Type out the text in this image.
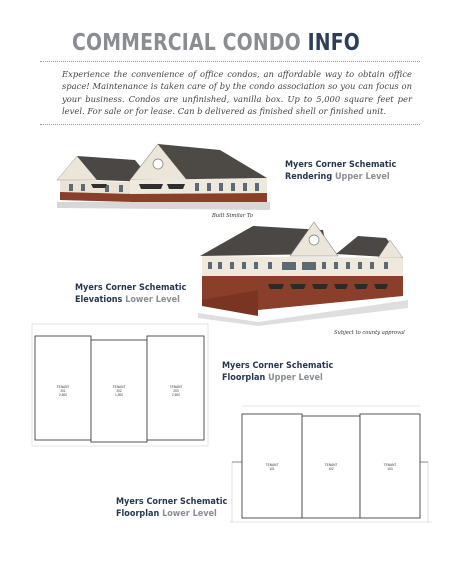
COMMERCIAL CONDO INFO

Experience the convenience of office condos, an affordable way to obtain office space! Maintenance is taken care of by the condo association so you can focus on your business. Condos are unfinished, vanilla box. Up to 5,000 square feet per level. For sale or for lease. Can b delivered as finished shell or finished unit.

Myers Corner Schematic
Rendering Upper Level

Built Similar To

Subject to county approval

Myers Corner Schematic
Elevations Lower Level

TENANT
201
2,500
TENANT
202
1,900
TENANT
203
2,500

Myers Corner Schematic
Floorplan Upper Level

TENANT
101
TENANT
102
TENANT
103

Myers Corner Schematic
Floorplan Lower Level
